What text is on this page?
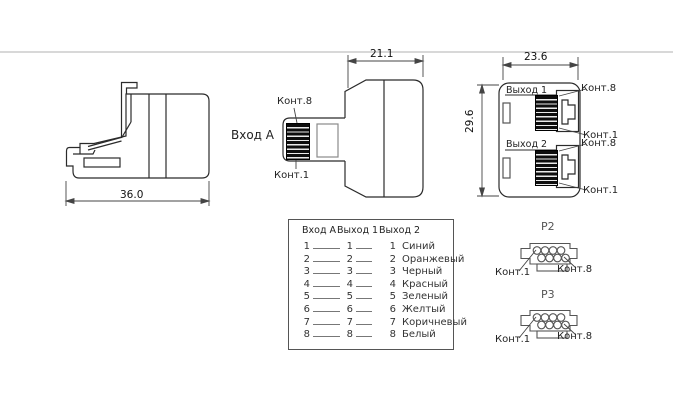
36.0
Конт.8
Вход А
Конт.1
21.1	23.6
29.6
Выход 1	Конт.8
Конт.1
Выход 2	Конт.8
Конт.1
Вход А Выход 1 Выход 2
1	1	1 Синий
2	2	2 Оранжевый
3	3	3 Черный
4	4	4 Красный
5	5	5 Зеленый
6	6	6 Желтый
7	7	7 Коричневый
8	8	8 Белый
P2
Конт.1	Конт.8
P3
Конт.1	Конт.8
